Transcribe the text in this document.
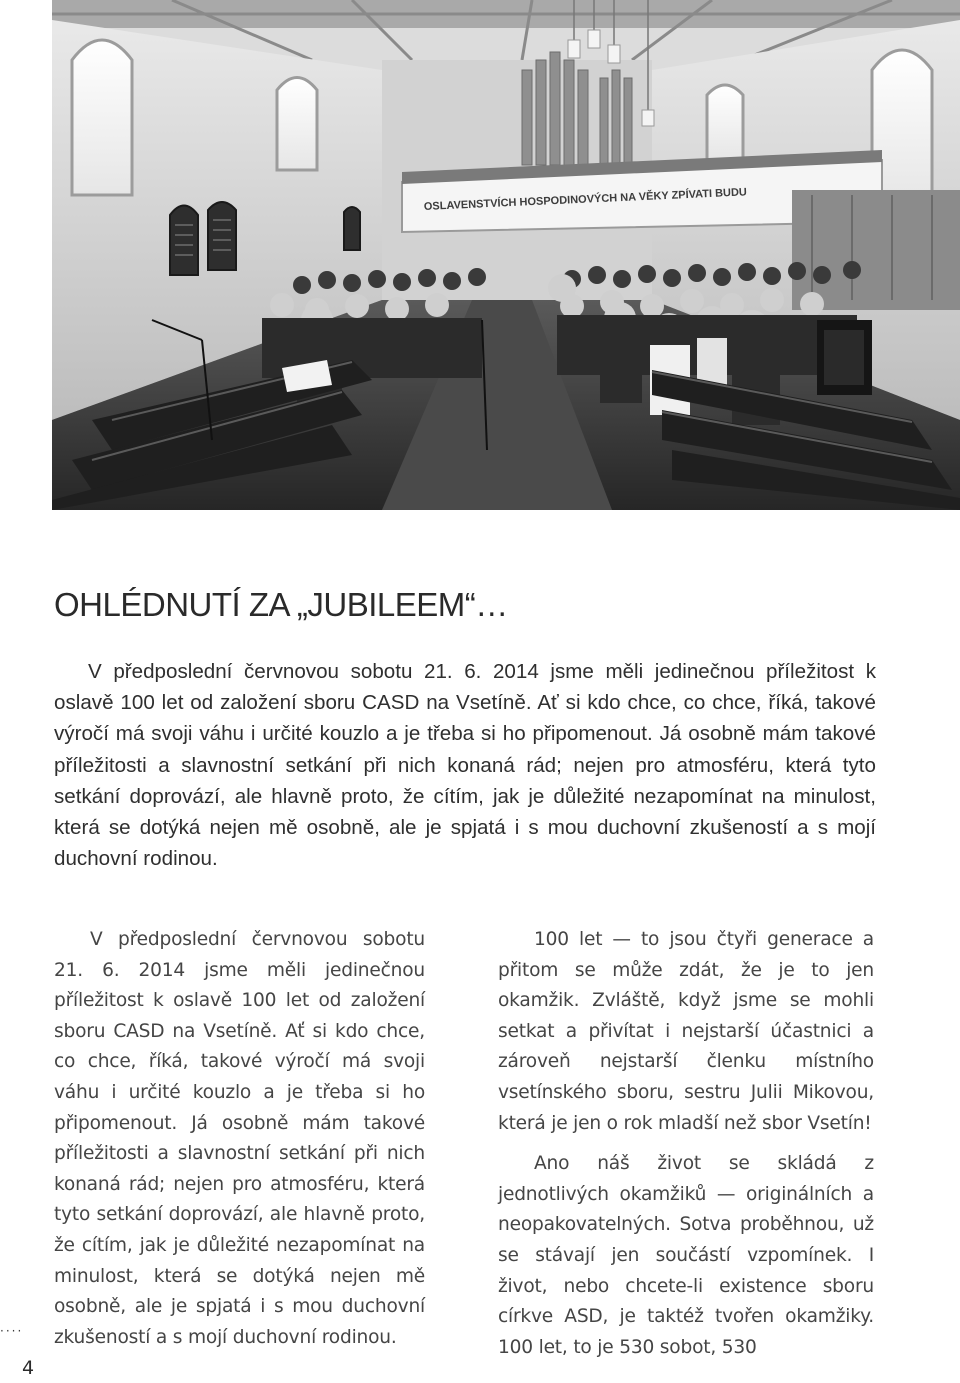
OSLAVENSTVÍCH HOSPODINOVÝCH NA VĚKY ZPÍVATI BUDU
OHLÉDNUTÍ ZA „JUBILEEM“…

V předposlední červnovou sobotu 21. 6. 2014 jsme měli jedinečnou příležitost k oslavě 100 let od založení sboru CASD na Vsetíně. Ať si kdo chce, co chce, říká, takové výročí má svoji váhu i určité kouzlo a je třeba si ho připomenout. Já osobně mám takové příležitosti a slavnostní setkání při nich konaná rád; nejen pro atmosféru, která tyto setkání doprovází, ale hlavně proto, že cítím, jak je důležité nezapomínat na minulost, která se dotýká nejen mě osobně, ale je spjatá i s mou duchovní zkušeností a s mojí duchovní rodinou.

V předposlední červnovou sobotu 21. 6. 2014 jsme měli jedinečnou příležitost k oslavě 100 let od založení sboru CASD na Vsetíně. Ať si kdo chce, co chce, říká, takové výročí má svoji váhu i určité kouzlo a je třeba si ho připomenout. Já osobně mám takové příležitosti a slavnostní setkání při nich konaná rád; nejen pro atmosféru, která tyto setkání doprovází, ale hlavně proto, že cítím, jak je důležité nezapomínat na minulost, která se dotýká nejen mě osobně, ale je spjatá i s mou duchovní zkušeností a s mojí duchovní rodinou.

100 let — to jsou čtyři generace a přitom se může zdát, že je to jen okamžik. Zvláště, když jsme se mohli setkat a přivítat i nejstarší účastnici a zároveň nejstarší členku místního vsetínského sboru, sestru Julii Mikovou, která je jen o rok mladší než sbor Vsetín!

Ano náš život se skládá z jednotlivých okamžiků — originálních a neopakovatelných. Sotva proběhnou, už se stávají jen součástí vzpomínek. I život, nebo chcete-li existence sboru církve ASD, je taktéž tvořen okamžiky. 100 let, to je 530 sobot, 530

····
4
